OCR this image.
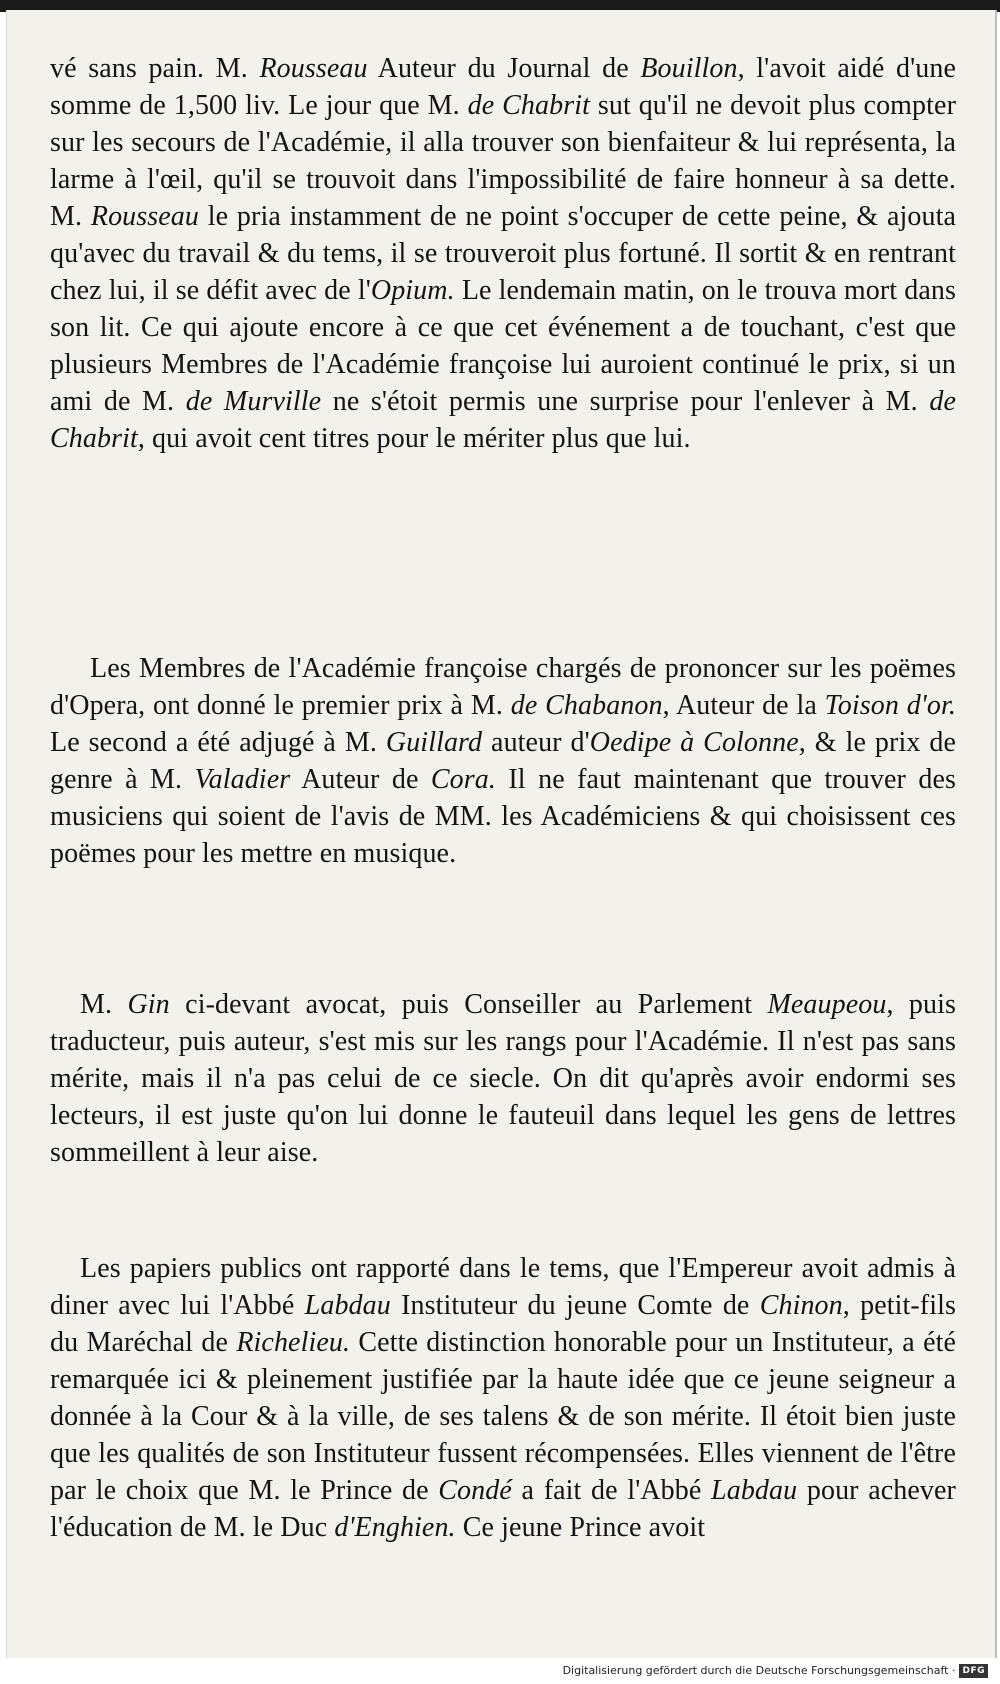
vé sans pain. M. Rousseau Auteur du Journal de Bouillon, l'avoit aidé d'une somme de 1,500 liv. Le jour que M. de Chabrit sut qu'il ne devoit plus compter sur les secours de l'Académie, il alla trouver son bienfaiteur & lui représenta, la larme à l'œil, qu'il se trouvoit dans l'impossibilité de faire honneur à sa dette. M. Rousseau le pria instamment de ne point s'occuper de cette peine, & ajouta qu'avec du travail & du tems, il se trouveroit plus fortuné. Il sortit & en rentrant chez lui, il se défit avec de l'Opium. Le lendemain matin, on le trouva mort dans son lit. Ce qui ajoute encore à ce que cet événement a de touchant, c'est que plusieurs Membres de l'Académie françoise lui auroient continué le prix, si un ami de M. de Murville ne s'étoit permis une surprise pour l'enlever à M. de Chabrit, qui avoit cent titres pour le mériter plus que lui.

Les Membres de l'Académie françoise chargés de prononcer sur les poëmes d'Opera, ont donné le premier prix à M. de Chabanon, Auteur de la Toison d'or. Le second a été adjugé à M. Guillard auteur d'Oedipe à Colonne, & le prix de genre à M. Valadier Auteur de Cora. Il ne faut maintenant que trouver des musiciens qui soient de l'avis de MM. les Académiciens & qui choisissent ces poëmes pour les mettre en musique.

M. Gin ci-devant avocat, puis Conseiller au Parlement Meaupeou, puis traducteur, puis auteur, s'est mis sur les rangs pour l'Académie. Il n'est pas sans mérite, mais il n'a pas celui de ce siecle. On dit qu'après avoir endormi ses lecteurs, il est juste qu'on lui donne le fauteuil dans lequel les gens de lettres sommeillent à leur aise.

Les papiers publics ont rapporté dans le tems, que l'Empereur avoit admis à diner avec lui l'Abbé Labdau Instituteur du jeune Comte de Chinon, petit-fils du Maréchal de Richelieu. Cette distinction honorable pour un Instituteur, a été remarquée ici & pleinement justifiée par la haute idée que ce jeune seigneur a donnée à la Cour & à la ville, de ses talens & de son mérite. Il étoit bien juste que les qualités de son Instituteur fussent récompensées. Elles viennent de l'être par le choix que M. le Prince de Condé a fait de l'Abbé Labdau pour achever l'éducation de M. le Duc d'Enghien. Ce jeune Prince avoit

Digitalisierung gefördert durch die Deutsche Forschungsgemeinschaft · DFG
